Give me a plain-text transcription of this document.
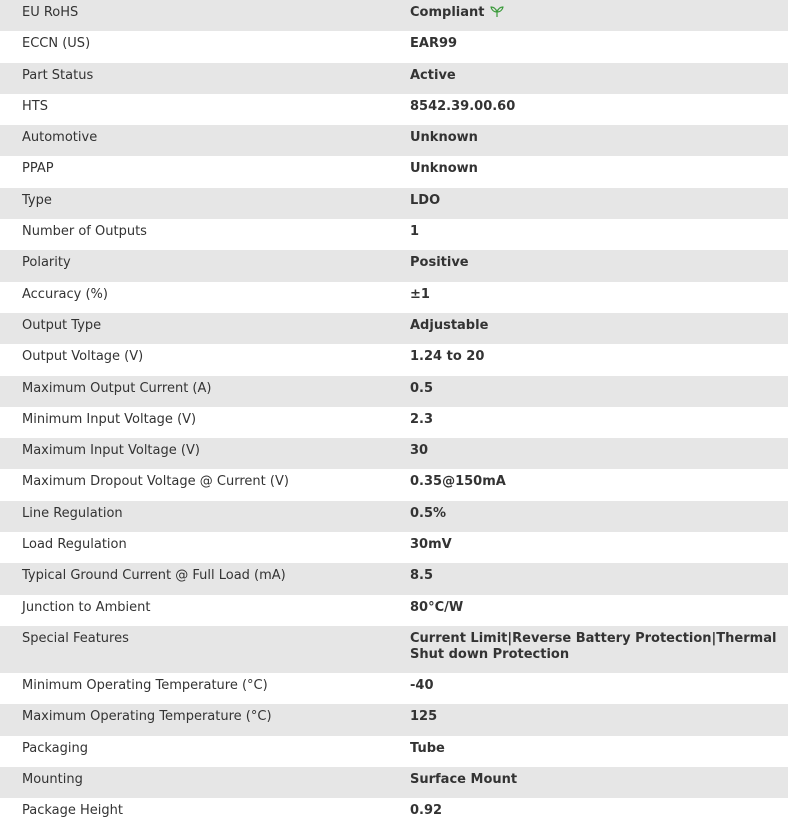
EU RoHS	Compliant
ECCN (US)	EAR99
Part Status	Active
HTS	8542.39.00.60
Automotive	Unknown
PPAP	Unknown
Type	LDO
Number of Outputs	1
Polarity	Positive
Accuracy (%)	±1
Output Type	Adjustable
Output Voltage (V)	1.24 to 20
Maximum Output Current (A)	0.5
Minimum Input Voltage (V)	2.3
Maximum Input Voltage (V)	30
Maximum Dropout Voltage @ Current (V)	0.35@150mA
Line Regulation	0.5%
Load Regulation	30mV
Typical Ground Current @ Full Load (mA)	8.5
Junction to Ambient	80°C/W
Special Features	Current Limit|Reverse Battery Protection|Thermal Shut down Protection
Minimum Operating Temperature (°C)	-40
Maximum Operating Temperature (°C)	125
Packaging	Tube
Mounting	Surface Mount
Package Height	0.92
